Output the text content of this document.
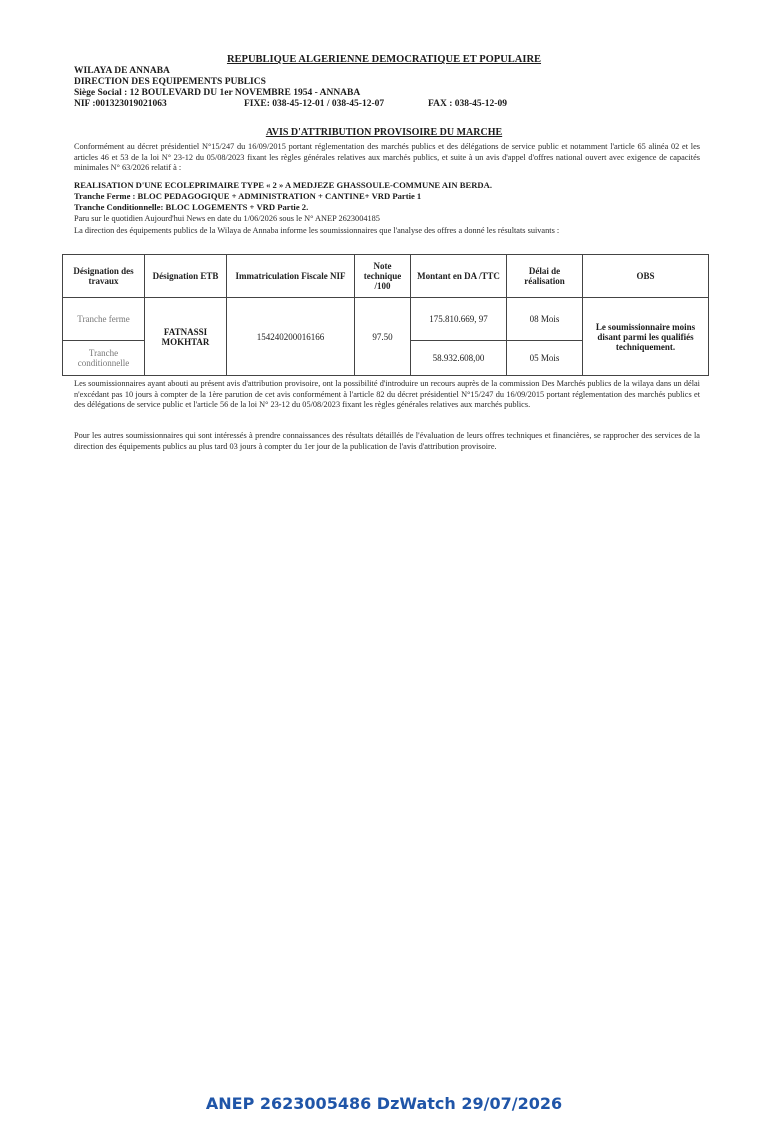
REPUBLIQUE ALGERIENNE DEMOCRATIQUE ET POPULAIRE
WILAYA DE ANNABA
DIRECTION DES EQUIPEMENTS PUBLICS
Siège Social : 12 BOULEVARD DU 1er NOVEMBRE 1954 - ANNABA
NIF :001323019021063	FIXE: 038-45-12-01 / 038-45-12-07	FAX : 038-45-12-09
AVIS D'ATTRIBUTION PROVISOIRE DU MARCHE
Conformément au décret présidentiel N°15/247 du 16/09/2015 portant réglementation des marchés publics et des délégations de service public et notamment l'article 65 alinéa 02 et les articles 46 et 53 de la loi N° 23-12 du 05/08/2023 fixant les règles générales relatives aux marchés publics, et suite à un avis d'appel d'offres national ouvert avec exigence de capacités minimales N° 63/2026 relatif à :
REALISATION D'UNE ECOLEPRIMAIRE TYPE « 2 » A MEDJEZE GHASSOULE-COMMUNE AIN BERDA.
Tranche Ferme : BLOC PEDAGOGIQUE + ADMINISTRATION + CANTINE+ VRD Partie 1
Tranche Conditionnelle: BLOC LOGEMENTS + VRD Partie 2.
Paru sur le quotidien Aujourd'hui News en date du 1/06/2026 sous le N° ANEP 2623004185
La direction des équipements publics de la Wilaya de Annaba informe les soumissionnaires que l'analyse des offres a donné les résultats suivants :
Désignation des travaux	Désignation ETB	Immatriculation Fiscale NIF	Note technique /100	Montant en DA /TTC	Délai de réalisation	OBS
Tranche ferme	FATNASSI MOKHTAR	154240200016166	97.50	175.810.669, 97	08 Mois	Le soumissionnaire moins disant parmi les qualifiés techniquement.
Tranche conditionnelle				58.932.608,00	05 Mois	
Les soumissionnaires ayant abouti au présent avis d'attribution provisoire, ont la possibilité d'introduire un recours auprès de la commission Des Marchés publics de la wilaya dans un délai n'excédant pas 10 jours à compter de la 1ère parution de cet avis conformément à l'article 82 du décret présidentiel N°15/247 du 16/09/2015 portant réglementation des marchés publics et des délégations de service public et l'article 56 de la loi N° 23-12 du 05/08/2023 fixant les règles générales relatives aux marchés publics.
Pour les autres soumissionnaires qui sont intéressés à prendre connaissances des résultats détaillés de l'évaluation de leurs offres techniques et financières, se rapprocher des services de la direction des équipements publics au plus tard 03 jours à compter du 1er jour de la publication de l'avis d'attribution provisoire.
ANEP 2623005486 DzWatch 29/07/2026
